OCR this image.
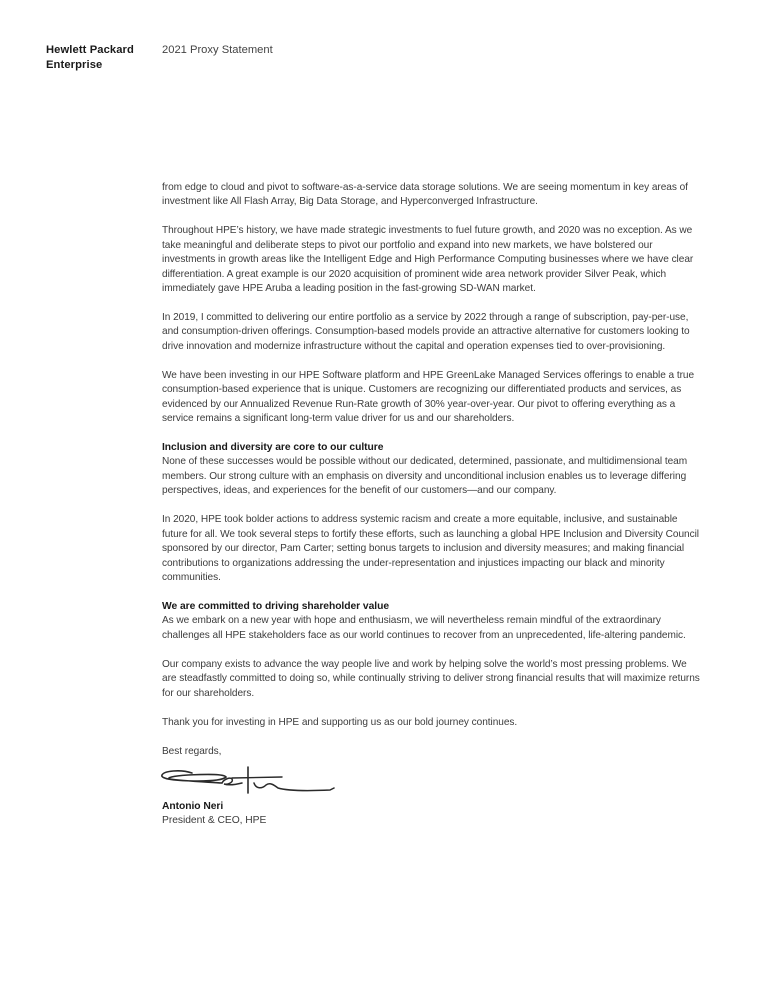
Hewlett Packard
Enterprise
2021 Proxy Statement

from edge to cloud and pivot to software-as-a-service data storage solutions. We are seeing momentum in key areas of investment like All Flash Array, Big Data Storage, and Hyperconverged Infrastructure.

Throughout HPE’s history, we have made strategic investments to fuel future growth, and 2020 was no exception. As we take meaningful and deliberate steps to pivot our portfolio and expand into new markets, we have bolstered our investments in growth areas like the Intelligent Edge and High Performance Computing businesses where we have clear differentiation. A great example is our 2020 acquisition of prominent wide area network provider Silver Peak, which immediately gave HPE Aruba a leading position in the fast-growing SD-WAN market.

In 2019, I committed to delivering our entire portfolio as a service by 2022 through a range of subscription, pay-per-use, and consumption-driven offerings. Consumption-based models provide an attractive alternative for customers looking to drive innovation and modernize infrastructure without the capital and operation expenses tied to over-provisioning.

We have been investing in our HPE Software platform and HPE GreenLake Managed Services offerings to enable a true consumption-based experience that is unique. Customers are recognizing our differentiated products and services, as evidenced by our Annualized Revenue Run-Rate growth of 30% year-over-year. Our pivot to offering everything as a service remains a significant long-term value driver for us and our shareholders.

Inclusion and diversity are core to our culture

None of these successes would be possible without our dedicated, determined, passionate, and multidimensional team members. Our strong culture with an emphasis on diversity and unconditional inclusion enables us to leverage differing perspectives, ideas, and experiences for the benefit of our customers—and our company.

In 2020, HPE took bolder actions to address systemic racism and create a more equitable, inclusive, and sustainable future for all. We took several steps to fortify these efforts, such as launching a global HPE Inclusion and Diversity Council sponsored by our director, Pam Carter; setting bonus targets to inclusion and diversity measures; and making financial contributions to organizations addressing the under-representation and injustices impacting our black and minority communities.

We are committed to driving shareholder value

As we embark on a new year with hope and enthusiasm, we will nevertheless remain mindful of the extraordinary challenges all HPE stakeholders face as our world continues to recover from an unprecedented, life-altering pandemic.

Our company exists to advance the way people live and work by helping solve the world’s most pressing problems. We are steadfastly committed to doing so, while continually striving to deliver strong financial results that will maximize returns for our shareholders.

Thank you for investing in HPE and supporting us as our bold journey continues.

Best regards,

Antonio Neri
President & CEO, HPE
